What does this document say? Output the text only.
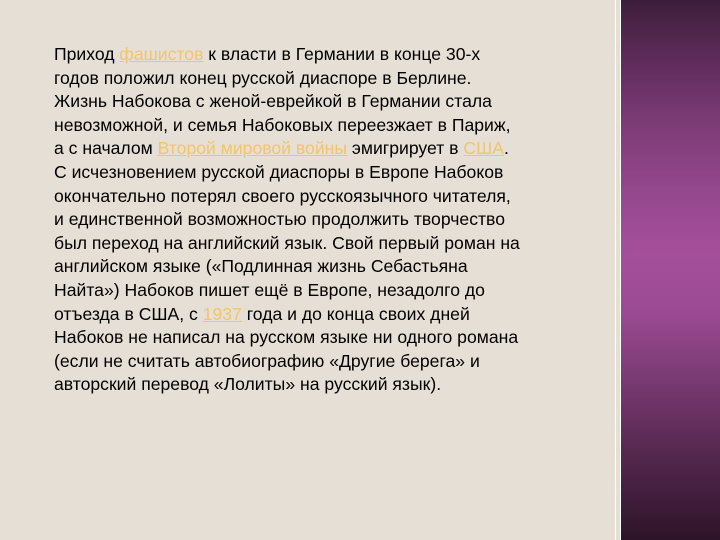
Приход фашистов к власти в Германии в конце 30-х годов положил конец русской диаспоре в Берлине. Жизнь Набокова с женой-еврейкой в Германии стала невозможной, и семья Набоковых переезжает в Париж, а с началом Второй мировой войны эмигрирует в США. С исчезновением русской диаспоры в Европе Набоков окончательно потерял своего русскоязычного читателя, и единственной возможностью продолжить творчество был переход на английский язык. Свой первый роман на английском языке («Подлинная жизнь Себастьяна Найта») Набоков пишет ещё в Европе, незадолго до отъезда в США, с 1937 года и до конца своих дней Набоков не написал на русском языке ни одного романа (если не считать автобиографию «Другие берега» и авторский перевод «Лолиты» на русский язык).
